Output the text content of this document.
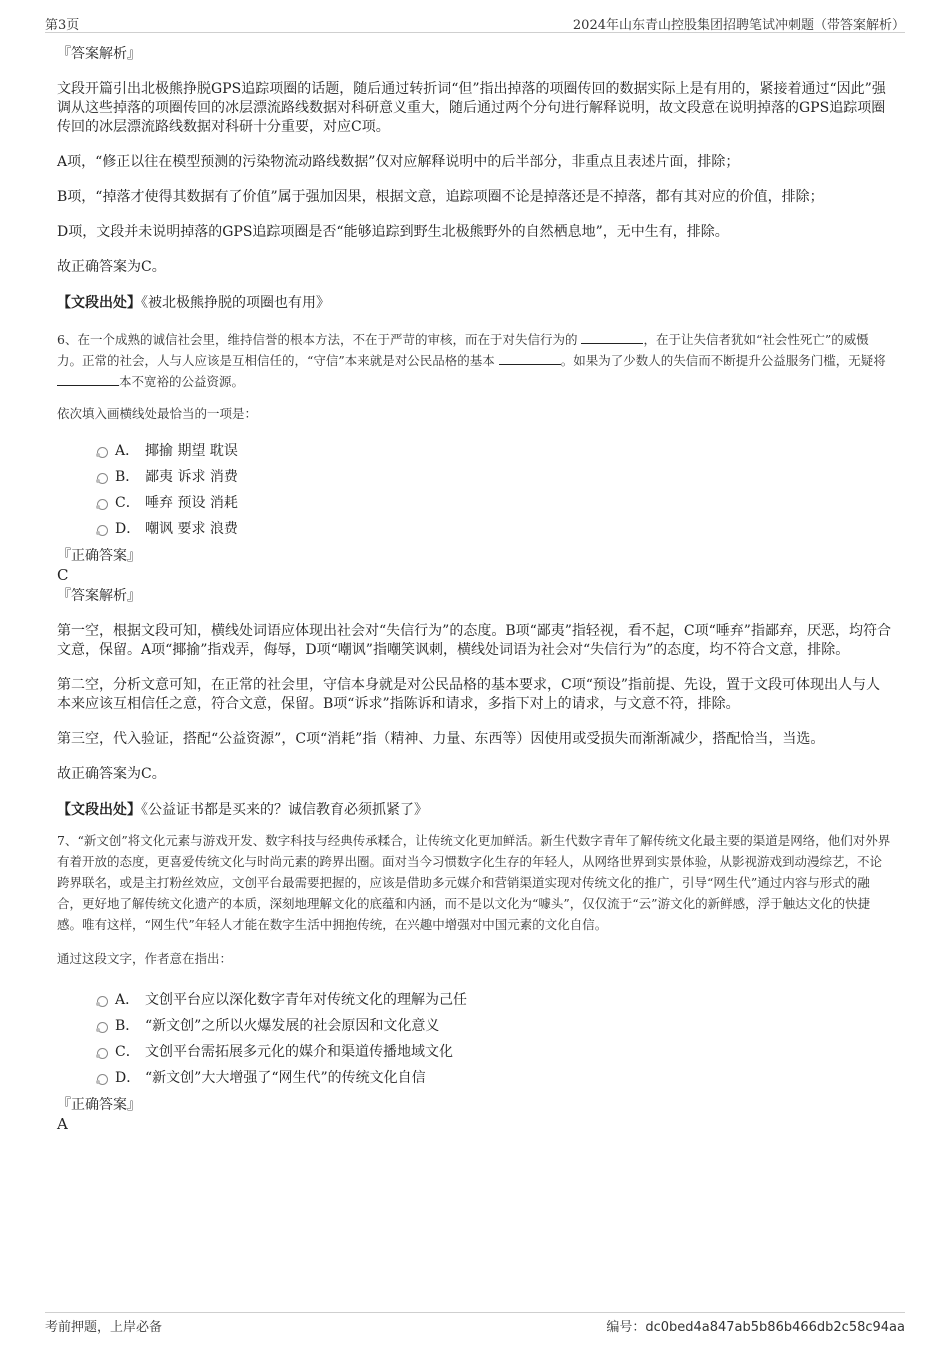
第3页	2024年山东青山控股集团招聘笔试冲刺题（带答案解析）

『答案解析』

文段开篇引出北极熊挣脱GPS追踪项圈的话题，随后通过转折词“但”指出掉落的项圈传回的数据实际上是有用的，紧接着通过“因此”强调从这些掉落的项圈传回的冰层漂流路线数据对科研意义重大，随后通过两个分句进行解释说明，故文段意在说明掉落的GPS追踪项圈传回的冰层漂流路线数据对科研十分重要，对应C项。

A项，“修正以往在模型预测的污染物流动路线数据”仅对应解释说明中的后半部分，非重点且表述片面，排除；

B项，“掉落才使得其数据有了价值”属于强加因果，根据文意，追踪项圈不论是掉落还是不掉落，都有其对应的价值，排除；

D项，文段并未说明掉落的GPS追踪项圈是否“能够追踪到野生北极熊野外的自然栖息地”，无中生有，排除。

故正确答案为C。

【文段出处】《被北极熊挣脱的项圈也有用》

6、在一个成熟的诚信社会里，维持信誉的根本方法，不在于严苛的审核，而在于对失信行为的	，在于让失信者犹如“社会性死亡”的威慑力。正常的社会，人与人应该是互相信任的，“守信”本来就是对公民品格的基本	。如果为了少数人的失信而不断提升公益服务门槛，无疑将 本不宽裕的公益资源。

依次填入画横线处最恰当的一项是：

A． 揶揄 期望 耽误
B． 鄙夷 诉求 消费
C． 唾弃 预设 消耗
D． 嘲讽 要求 浪费

『正确答案』

C

『答案解析』

第一空，根据文段可知，横线处词语应体现出社会对“失信行为”的态度。B项“鄙夷”指轻视，看不起，C项“唾弃”指鄙弃，厌恶，均符合文意，保留。A项“揶揄”指戏弄，侮辱，D项“嘲讽”指嘲笑讽刺，横线处词语为社会对“失信行为”的态度，均不符合文意，排除。

第二空，分析文意可知，在正常的社会里，守信本身就是对公民品格的基本要求，C项“预设”指前提、先设，置于文段可体现出人与人本来应该互相信任之意，符合文意，保留。B项“诉求”指陈诉和请求，多指下对上的请求，与文意不符，排除。

第三空，代入验证，搭配“公益资源”，C项“消耗”指（精神、力量、东西等）因使用或受损失而渐渐减少，搭配恰当，当选。

故正确答案为C。

【文段出处】《公益证书都是买来的？诚信教育必须抓紧了》

7、“新文创”将文化元素与游戏开发、数字科技与经典传承糅合，让传统文化更加鲜活。新生代数字青年了解传统文化最主要的渠道是网络，他们对外界有着开放的态度，更喜爱传统文化与时尚元素的跨界出圈。面对当今习惯数字化生存的年轻人，从网络世界到实景体验，从影视游戏到动漫综艺，不论跨界联名，或是主打粉丝效应，文创平台最需要把握的，应该是借助多元媒介和营销渠道实现对传统文化的推广，引导“网生代”通过内容与形式的融合，更好地了解传统文化遗产的本质，深刻地理解文化的底蕴和内涵，而不是以文化为“噱头”，仅仅流于“云”游文化的新鲜感，浮于触达文化的快捷感。唯有这样，“网生代”年轻人才能在数字生活中拥抱传统，在兴趣中增强对中国元素的文化自信。

通过这段文字，作者意在指出：

A． 文创平台应以深化数字青年对传统文化的理解为己任
B． “新文创”之所以火爆发展的社会原因和文化意义
C． 文创平台需拓展多元化的媒介和渠道传播地域文化
D． “新文创”大大增强了“网生代”的传统文化自信

『正确答案』

A

考前押题，上岸必备	编号：dc0bed4a847ab5b86b466db2c58c94aa
